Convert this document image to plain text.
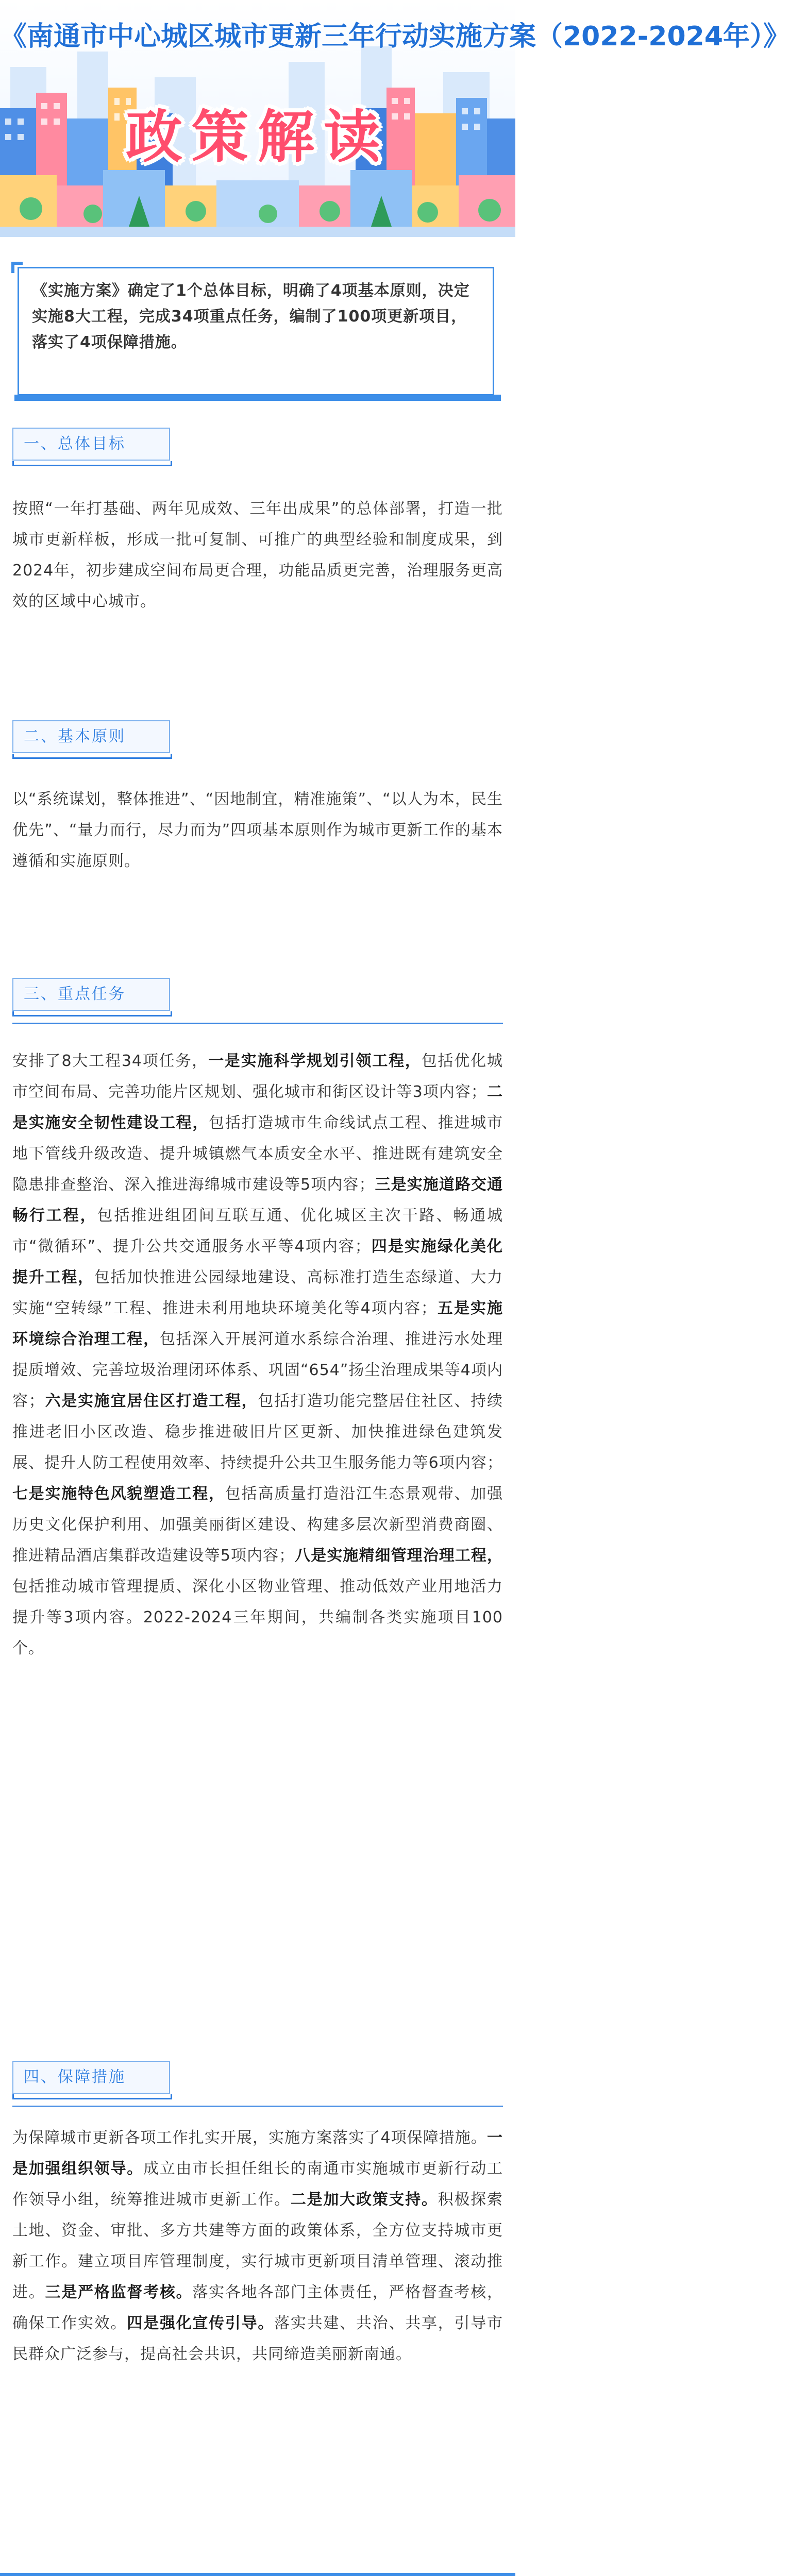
《南通市中心城区城市更新三年行动实施方案（2022-2024年）》
政策解读
《实施方案》确定了1个总体目标，明确了4项基本原则，决定实施8大工程，完成34项重点任务，编制了100项更新项目，落实了4项保障措施。
一、总体目标
按照“一年打基础、两年见成效、三年出成果”的总体部署，打造一批城市更新样板，形成一批可复制、可推广的典型经验和制度成果，到2024年，初步建成空间布局更合理，功能品质更完善，治理服务更高效的区域中心城市。
二、基本原则
以“系统谋划，整体推进”、“因地制宜，精准施策”、“以人为本，民生优先”、“量力而行，尽力而为”四项基本原则作为城市更新工作的基本遵循和实施原则。
三、重点任务
安排了8大工程34项任务，一是实施科学规划引领工程，包括优化城市空间布局、完善功能片区规划、强化城市和街区设计等3项内容；二是实施安全韧性建设工程，包括打造城市生命线试点工程、推进城市地下管线升级改造、提升城镇燃气本质安全水平、推进既有建筑安全隐患排查整治、深入推进海绵城市建设等5项内容；三是实施道路交通畅行工程，包括推进组团间互联互通、优化城区主次干路、畅通城市“微循环”、提升公共交通服务水平等4项内容；四是实施绿化美化提升工程，包括加快推进公园绿地建设、高标准打造生态绿道、大力实施“空转绿”工程、推进未利用地块环境美化等4项内容；五是实施环境综合治理工程，包括深入开展河道水系综合治理、推进污水处理提质增效、完善垃圾治理闭环体系、巩固“654”扬尘治理成果等4项内容；六是实施宜居住区打造工程，包括打造功能完整居住社区、持续推进老旧小区改造、稳步推进破旧片区更新、加快推进绿色建筑发展、提升人防工程使用效率、持续提升公共卫生服务能力等6项内容；七是实施特色风貌塑造工程，包括高质量打造沿江生态景观带、加强历史文化保护利用、加强美丽街区建设、构建多层次新型消费商圈、推进精品酒店集群改造建设等5项内容；八是实施精细管理治理工程，包括推动城市管理提质、深化小区物业管理、推动低效产业用地活力提升等3项内容。2022-2024三年期间，共编制各类实施项目100个。
四、保障措施
为保障城市更新各项工作扎实开展，实施方案落实了4项保障措施。一是加强组织领导。成立由市长担任组长的南通市实施城市更新行动工作领导小组，统筹推进城市更新工作。二是加大政策支持。积极探索土地、资金、审批、多方共建等方面的政策体系，全方位支持城市更新工作。建立项目库管理制度，实行城市更新项目清单管理、滚动推进。三是严格监督考核。落实各地各部门主体责任，严格督查考核，确保工作实效。四是强化宣传引导。落实共建、共治、共享，引导市民群众广泛参与，提高社会共识，共同缔造美丽新南通。
